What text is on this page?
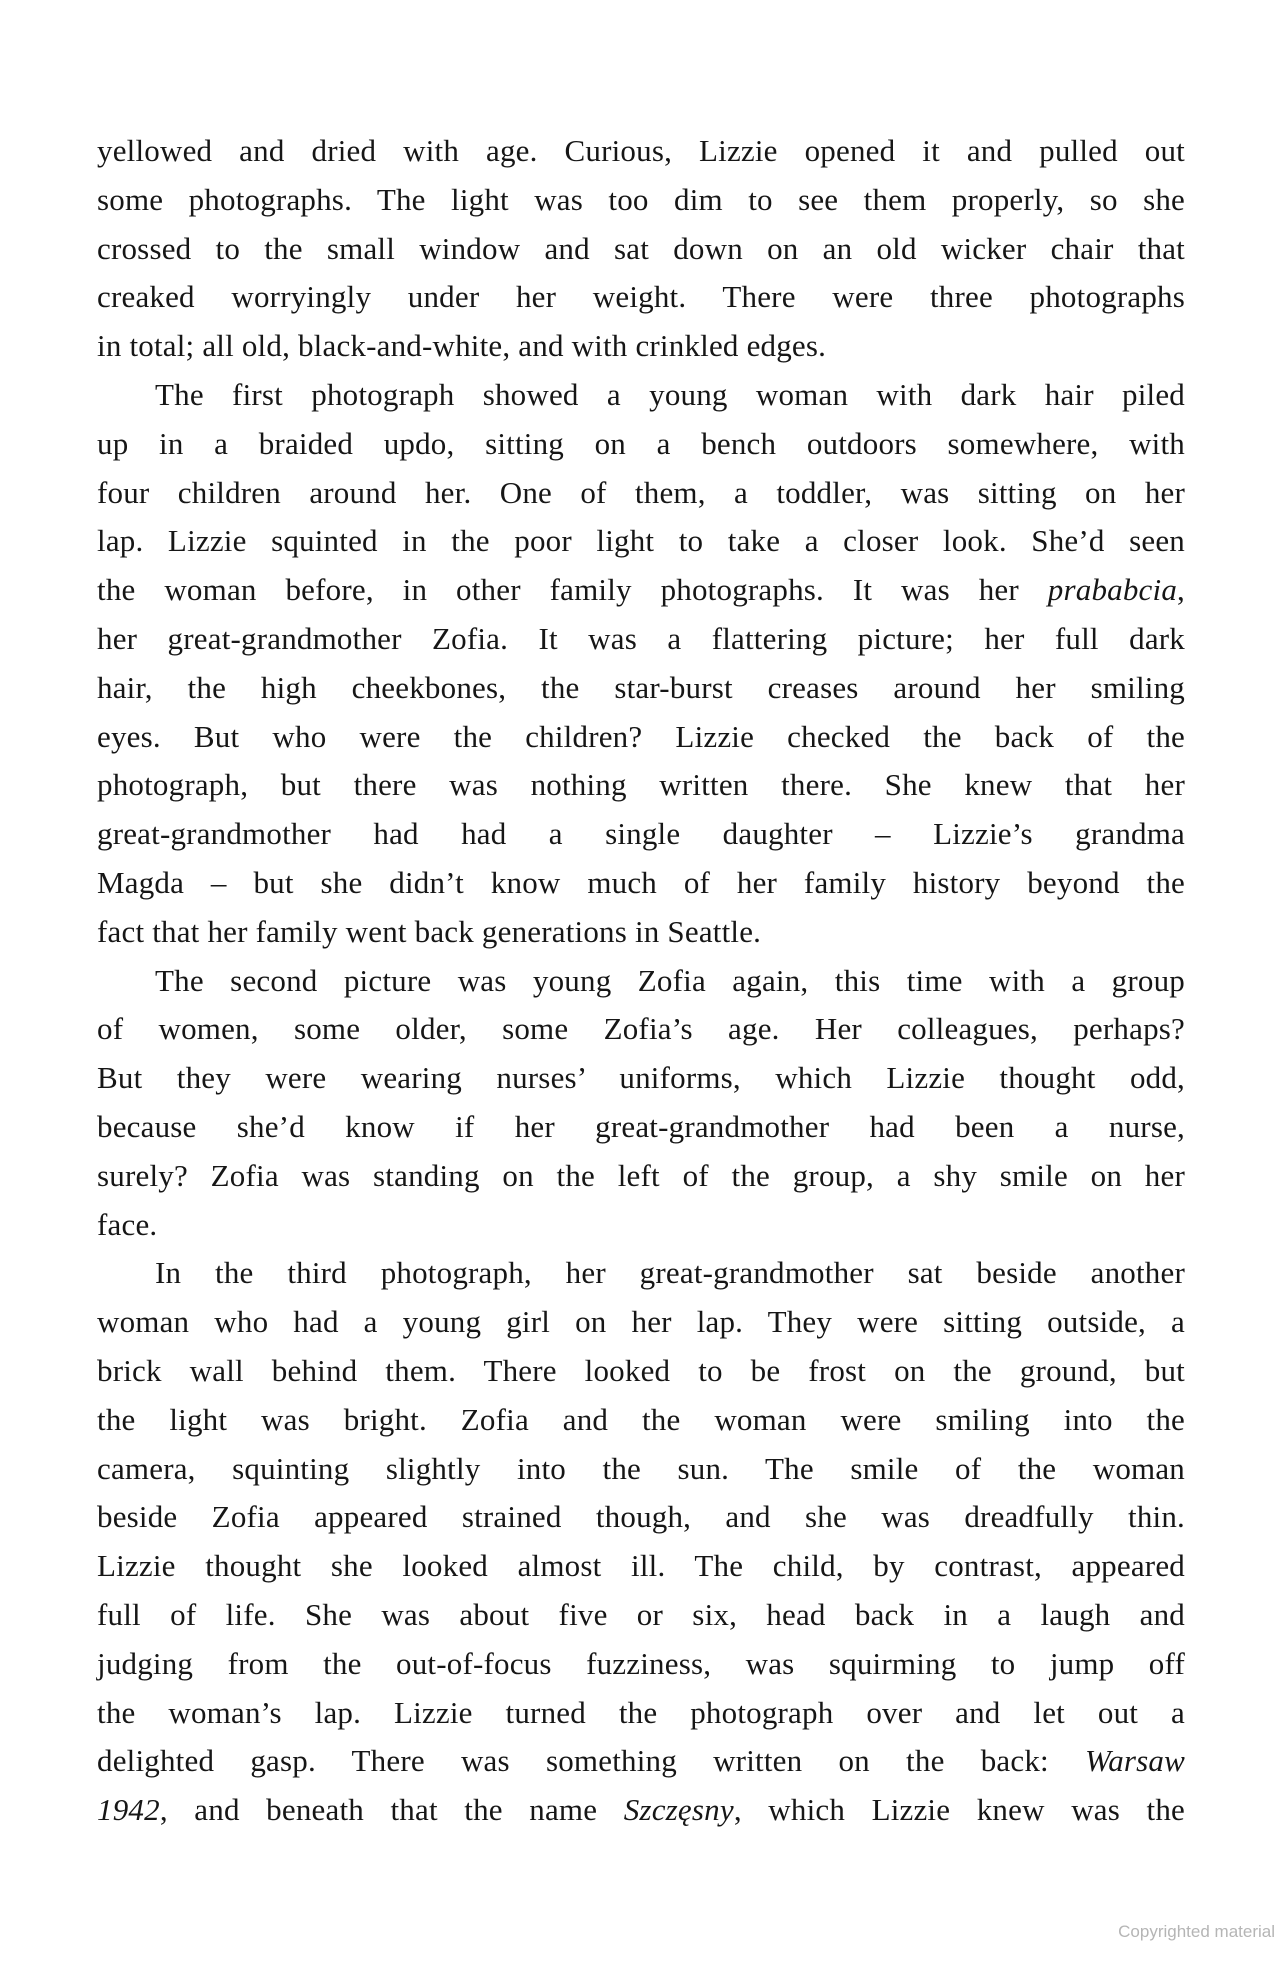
yellowed and dried with age. Curious, Lizzie opened it and pulled out
some photographs. The light was too dim to see them properly, so she
crossed to the small window and sat down on an old wicker chair that
creaked worryingly under her weight. There were three photographs
in total; all old, black-and-white, and with crinkled edges.
The first photograph showed a young woman with dark hair piled
up in a braided updo, sitting on a bench outdoors somewhere, with
four children around her. One of them, a toddler, was sitting on her
lap. Lizzie squinted in the poor light to take a closer look. She’d seen
the woman before, in other family photographs. It was her prababcia,
her great-grandmother Zofia. It was a flattering picture; her full dark
hair, the high cheekbones, the star-burst creases around her smiling
eyes. But who were the children? Lizzie checked the back of the
photograph, but there was nothing written there. She knew that her
great-grandmother had had a single daughter – Lizzie’s grandma
Magda – but she didn’t know much of her family history beyond the
fact that her family went back generations in Seattle.
The second picture was young Zofia again, this time with a group
of women, some older, some Zofia’s age. Her colleagues, perhaps?
But they were wearing nurses’ uniforms, which Lizzie thought odd,
because she’d know if her great-grandmother had been a nurse,
surely? Zofia was standing on the left of the group, a shy smile on her
face.
In the third photograph, her great-grandmother sat beside another
woman who had a young girl on her lap. They were sitting outside, a
brick wall behind them. There looked to be frost on the ground, but
the light was bright. Zofia and the woman were smiling into the
camera, squinting slightly into the sun. The smile of the woman
beside Zofia appeared strained though, and she was dreadfully thin.
Lizzie thought she looked almost ill. The child, by contrast, appeared
full of life. She was about five or six, head back in a laugh and
judging from the out-of-focus fuzziness, was squirming to jump off
the woman’s lap. Lizzie turned the photograph over and let out a
delighted gasp. There was something written on the back: Warsaw
1942, and beneath that the name Szczęsny, which Lizzie knew was the
Copyrighted material
